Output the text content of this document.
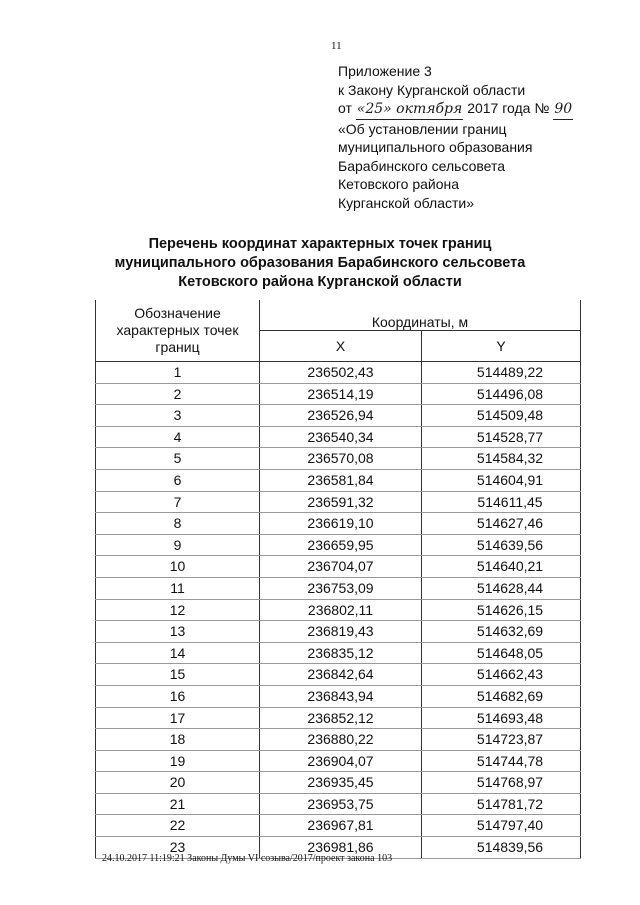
11
Приложение 3
к Закону Курганской области
от «25» октября 2017 года № 90
«Об установлении границ
муниципального образования
Барабинского сельсовета
Кетовского района
Курганской области»
Перечень координат характерных точек границ
муниципального образования Барабинского сельсовета
Кетовского района Курганской области
Обозначение характерных точек границ	Координаты, м	
	X	Y
1	236502,43	514489,22
2	236514,19	514496,08
3	236526,94	514509,48
4	236540,34	514528,77
5	236570,08	514584,32
6	236581,84	514604,91
7	236591,32	514611,45
8	236619,10	514627,46
9	236659,95	514639,56
10	236704,07	514640,21
11	236753,09	514628,44
12	236802,11	514626,15
13	236819,43	514632,69
14	236835,12	514648,05
15	236842,64	514662,43
16	236843,94	514682,69
17	236852,12	514693,48
18	236880,22	514723,87
19	236904,07	514744,78
20	236935,45	514768,97
21	236953,75	514781,72
22	236967,81	514797,40
23	236981,86	514839,56
24.10.2017 11:19:21 Законы Думы VI созыва/2017/проект закона 103
